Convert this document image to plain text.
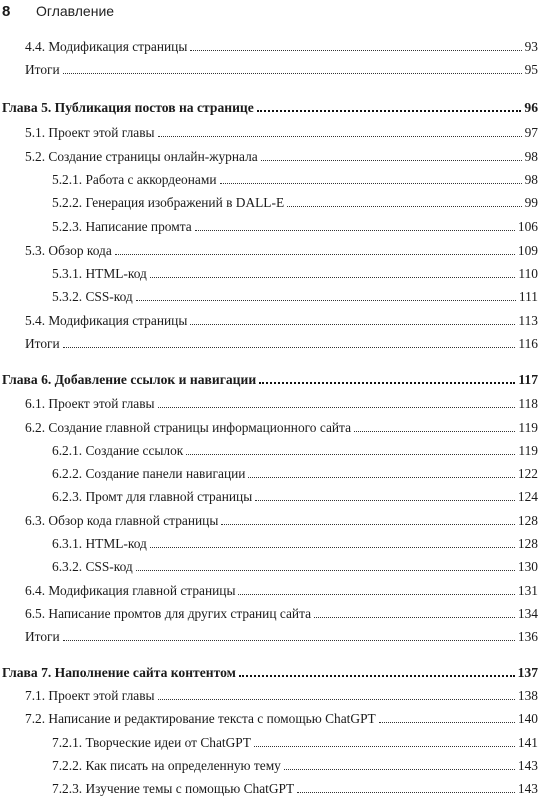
8	Оглавление
4.4. Модификация страницы	93
Итоги	95
Глава 5. Публикация постов на странице	96
5.1. Проект этой главы	97
5.2. Создание страницы онлайн-журнала	98
5.2.1. Работа с аккордеонами	98
5.2.2. Генерация изображений в DALL-E	99
5.2.3. Написание промта	106
5.3. Обзор кода	109
5.3.1. HTML-код	110
5.3.2. CSS-код	111
5.4. Модификация страницы	113
Итоги	116
Глава 6. Добавление ссылок и навигации	117
6.1. Проект этой главы	118
6.2. Создание главной страницы информационного сайта	119
6.2.1. Создание ссылок	119
6.2.2. Создание панели навигации	122
6.2.3. Промт для главной страницы	124
6.3. Обзор кода главной страницы	128
6.3.1. HTML-код	128
6.3.2. CSS-код	130
6.4. Модификация главной страницы	131
6.5. Написание промтов для других страниц сайта	134
Итоги	136
Глава 7. Наполнение сайта контентом	137
7.1. Проект этой главы	138
7.2. Написание и редактирование текста с помощью ChatGPT	140
7.2.1. Творческие идеи от ChatGPT	141
7.2.2. Как писать на определенную тему	143
7.2.3. Изучение темы с помощью ChatGPT	143
